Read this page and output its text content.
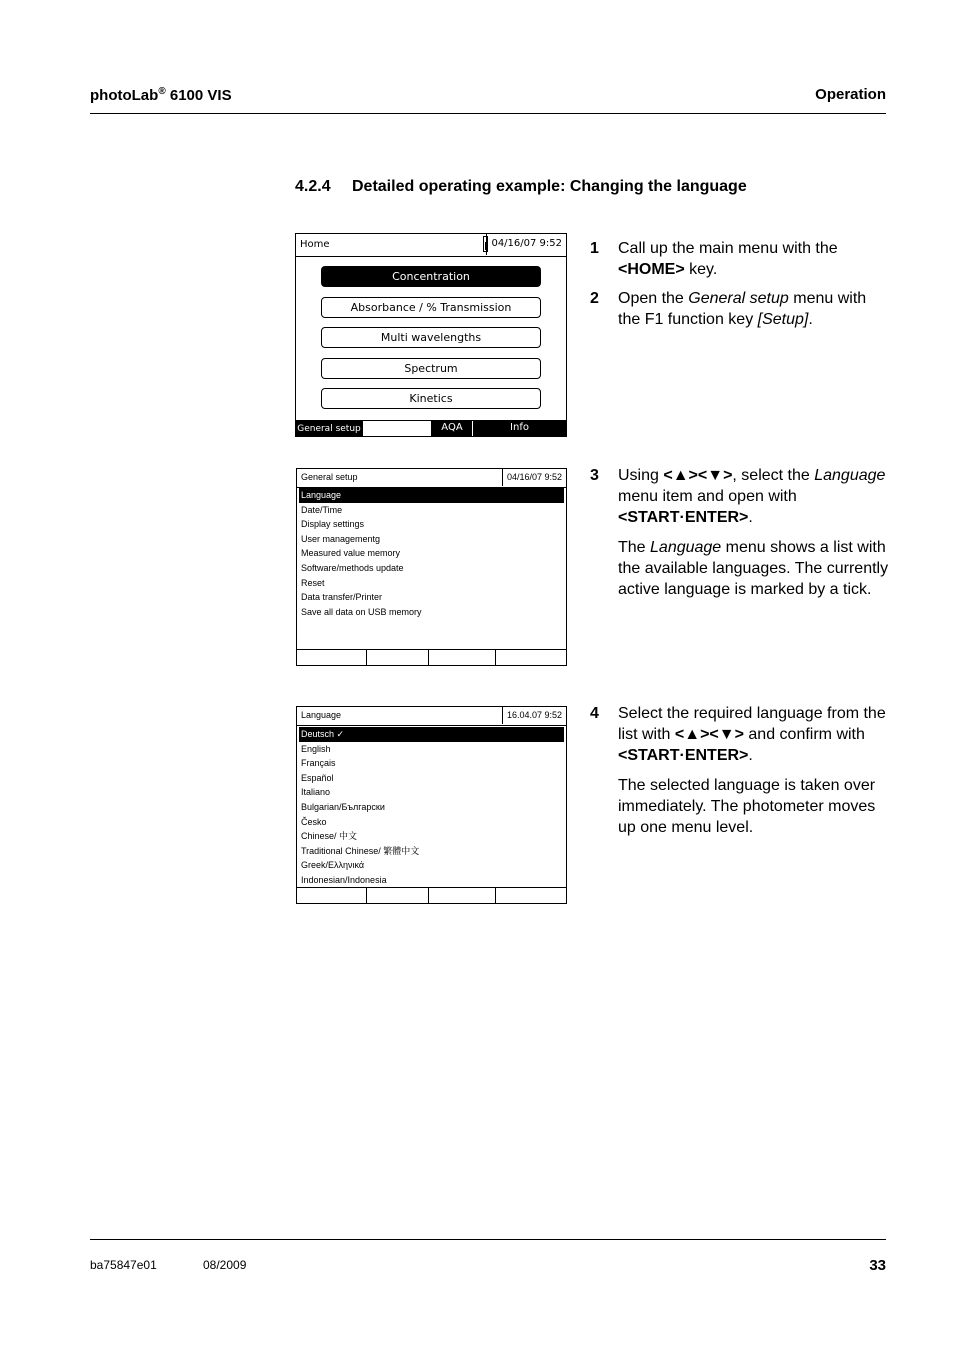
photoLab® 6100 VIS	Operation
4.2.4 Detailed operating example: Changing the language
Home	04/16/07 9:52
Concentration
Absorbance / % Transmission
Multi wavelengths
Spectrum
Kinetics
General setup	AQA	Info
General setup	04/16/07 9:52
Language
Date/Time
Display settings
User managementg
Measured value memory
Software/methods update
Reset
Data transfer/Printer
Save all data on USB memory
Language	16.04.07 9:52
Deutsch ✓
English
Français
Español
Italiano
Bulgarian/Български
Česko
Chinese/ 中文
Traditional Chinese/ 繁體中文
Greek/Ελληνικά
Indonesian/Indonesia
1 Call up the main menu with the <HOME> key.

2 Open the General setup menu with the F1 function key [Setup].

3 Using <▲><▼>, select the Language menu item and open with <START·ENTER>.

The Language menu shows a list with the available languages. The currently active language is marked by a tick.

4 Select the required language from the list with <▲><▼> and confirm with <START·ENTER>.

The selected language is taken over immediately. The photometer moves up one menu level.

ba75847e01	08/2009	33
